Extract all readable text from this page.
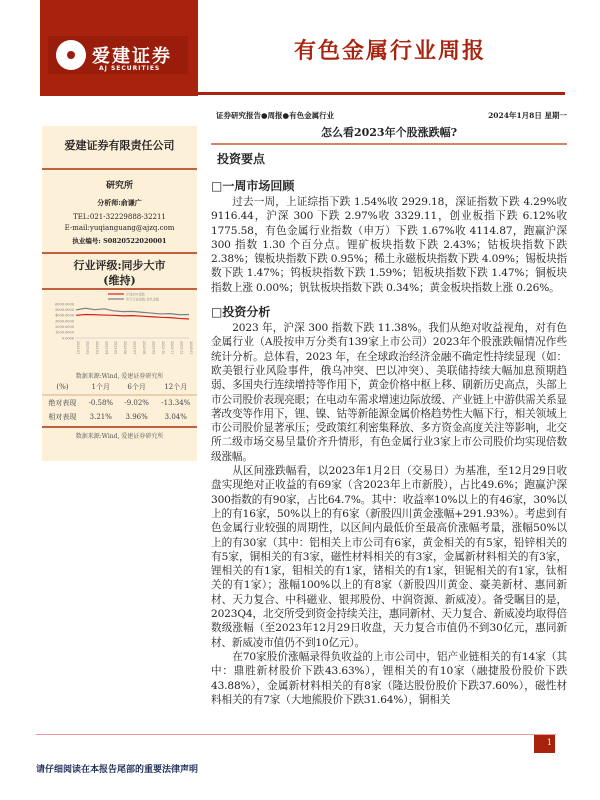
爱建证券
AJ SECURITIES
有色金属行业周报
爱建证券有限责任公司
研究所
分析师:俞谦广
TEL:021-32229888-32211
E-mail:yuqianguang@ajzq.com
执业编号: S0820522020001
行业评级:同步大市
(维持)
6000.0000
5000.0000
4000.0000
3000.0000
2000.0000
1000.0000
0.0000
2023-01 2023-02 2023-03 2023-04 2023-05 2023-06 2023-07 2023-08 2023-09 2023-10 2023-11 2023-12 2024-01
沪深300指数
申万行业指数:有色金属
数据来源:Wind, 爱建证券研究所
(%)	1个月	6个月	12个月
绝对表现	-0.58%	-9.02%	-13.34%
相对表现	3.21%	3.96%	3.04%
数据来源:Wind, 爱建证券研究所
证券研究报告●周报●有色金属行业	2024年1月8日 星期一
怎么看2023年个股涨跌幅?
投资要点
□一周市场回顾
过去一周，上证综指下跌 1.54%收 2929.18，深证指数下跌 4.29%收 9116.44，沪深 300 下跌 2.97%收 3329.11，创业板指下跌 6.12%收 1775.58，有色金属行业指数（申万）下跌 1.67%收 4114.87，跑赢沪深 300 指数 1.30 个百分点。锂矿板块指数下跌 2.43%；钴板块指数下跌 2.38%；镍板块指数下跌 0.95%；稀土永磁板块指数下跌 4.09%；锡板块指数下跌 1.47%；钨板块指数下跌 1.59%；铝板块指数下跌 1.47%；铜板块指数上涨 0.00%；钒钛板块指数下跌 0.34%；黄金板块指数上涨 0.26%。
□投资分析
2023 年，沪深 300 指数下跌 11.38%。我们从绝对收益视角，对有色金属行业（A股按申万分类有139家上市公司）2023年个股涨跌幅情况作些统计分析。总体看，2023 年，在全球政治经济金融不确定性持续显现（如：欧美银行业风险事件，俄乌冲突、巴以冲突）、美联储持续大幅加息预期趋弱、多国央行连续增持等作用下，黄金价格中枢上移、刷新历史高点，头部上市公司股价表现亮眼；在电动车需求增速边际放缓、产业链上中游供需关系显著改变等作用下，锂、镍、钴等新能源金属价格趋势性大幅下行，相关领域上市公司股价显著承压；受政策红利密集释放、多方资金高度关注等影响，北交所二级市场交易呈量价齐升情形，有色金属行业3家上市公司股价均实现倍数级涨幅。
从区间涨跌幅看，以2023年1月2日（交易日）为基准，至12月29日收盘实现绝对正收益的有69家（含2023年上市新股），占比49.6%；跑赢沪深300指数的有90家，占比64.7%。其中：收益率10%以上的有46家，30%以上的有16家，50%以上的有6家（新股四川黄金涨幅+291.93%）。考虑到有色金属行业较强的周期性，以区间内最低价至最高价涨幅考量，涨幅50%以上的有30家（其中：铝相关上市公司有6家，黄金相关的有5家，铅锌相关的有5家，铜相关的有3家，磁性材料相关的有3家，金属新材料相关的有3家，锂相关的有1家，钼相关的有1家，锗相关的有1家，钽铌相关的有1家，钛相关的有1家）；涨幅100%以上的有8家（新股四川黄金、豪美新材、惠同新材、天力复合、中科磁业、银邦股份、中润资源、新威凌）。备受瞩目的是，2023Q4，北交所受到资金持续关注，惠同新材、天力复合、新威凌均取得倍数级涨幅（至2023年12月29日收盘，天力复合市值仍不到30亿元，惠同新材、新威凌市值仍不到10亿元）。
在70家股价涨幅录得负收益的上市公司中，铝产业链相关的有14家（其中：鼎胜新材股价下跌43.63%），锂相关的有10家（融捷股份股价下跌43.88%），金属新材料相关的有8家（隆达股份股价下跌37.60%），磁性材料相关的有7家（大地熊股价下跌31.64%），铜相关
1
请仔细阅读在本报告尾部的重要法律声明
